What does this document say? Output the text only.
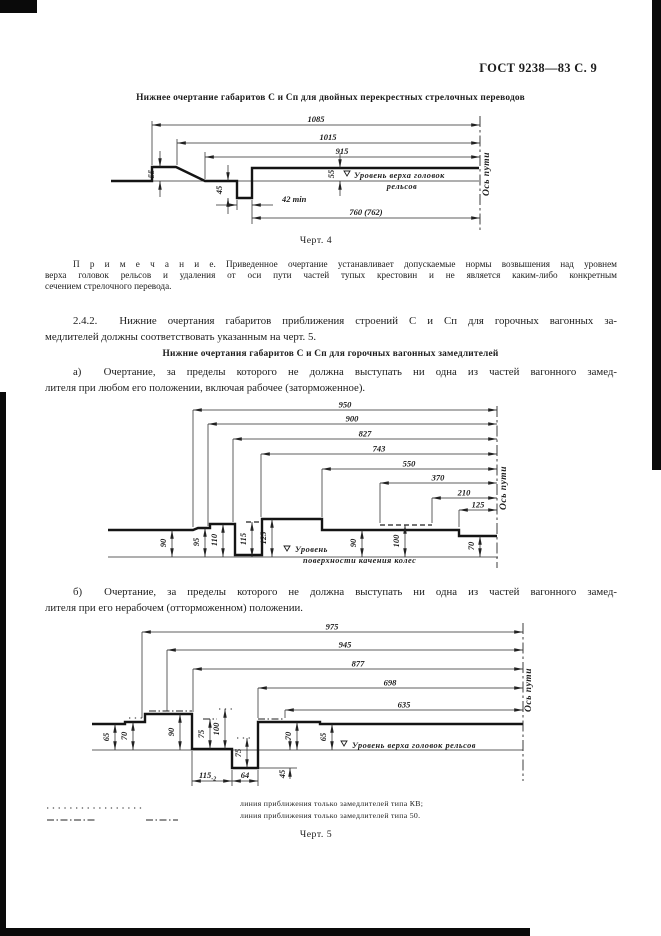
ГОСТ 9238—83 С. 9
Нижнее очертание габаритов С и Сп для двойных перекрестных стрелочных переводов
1085
1015
915
760 (762)
42 min
55
45
55 Уровень верха головок
рельсов	Ось пути
Черт. 4
П р и м е ч а н и е. Приведенное очертание устанавливает допускаемые нормы возвышения над уровнем
верха головок рельсов и удаления от оси пути частей тупых крестовин и не является каким-либо конкретным
сечением стрелочного перевода.
2.4.2.  Нижние очертания габаритов приближения строений С и Сп для горочных вагонных за-
медлителей должны соответствовать указанным на черт. 5.
Нижние очертания габаритов С и Сп для горочных вагонных замедлителей
а)  Очертание, за пределы которого не должна выступать ни одна из частей вагонного замед-
лителя при любом его положении, включая рабочее (заторможенное).
950
900
827
743
550
370
210
125
90	95 110 115 125	90	100	70
Уровень
поверхности качения колес
Ось пути
б)  Очертание, за пределы которого не должна выступать ни одна из частей вагонного замед-
лителя при его нерабочем (отторможенном) положении.
975
945
877
698
635
65 70	90 75 100
75
70	65
45
$115_{-2}$	64
Уровень верха головок рельсов
Ось пути
линия приближения только замедлителей типа КВ;
линия приближения только замедлителей типа 50.
Черт. 5
